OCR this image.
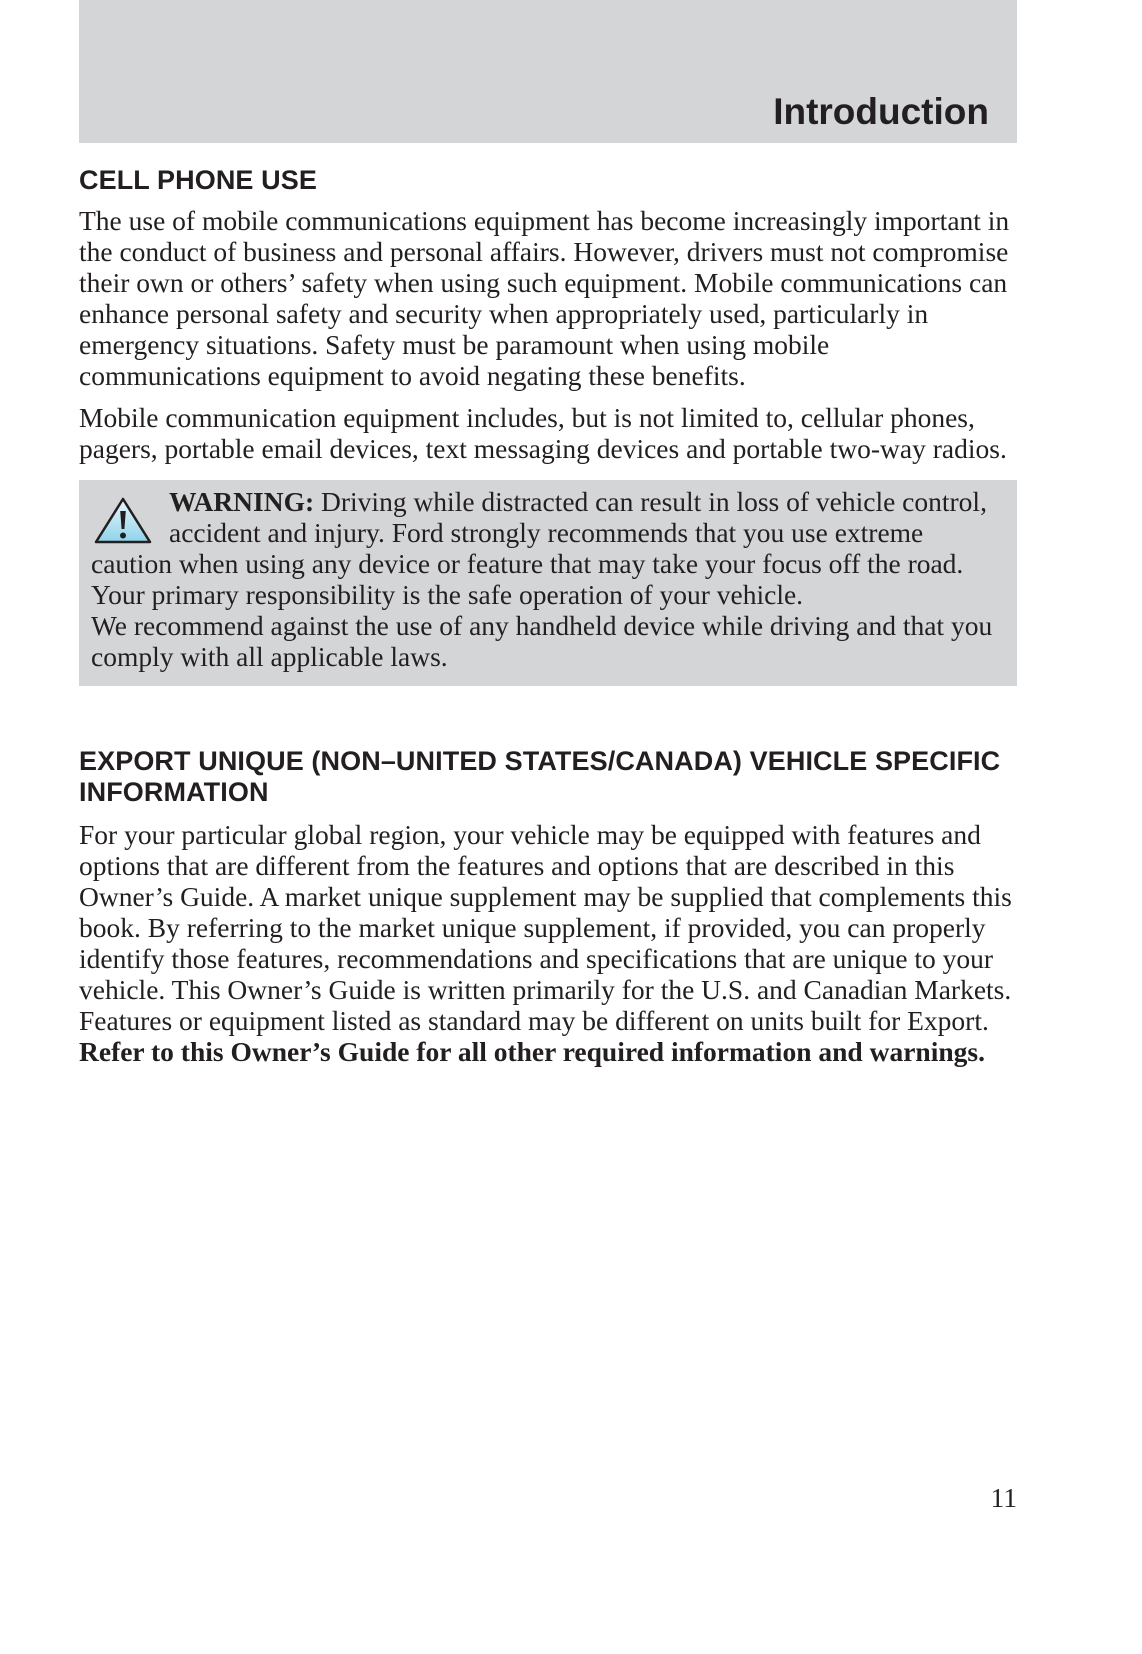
Introduction
CELL PHONE USE

The use of mobile communications equipment has become increasingly important in the conduct of business and personal affairs. However, drivers must not compromise their own or others’ safety when using such equipment. Mobile communications can enhance personal safety and security when appropriately used, particularly in emergency situations. Safety must be paramount when using mobile communications equipment to avoid negating these benefits.

Mobile communication equipment includes, but is not limited to, cellular phones, pagers, portable email devices, text messaging devices and portable two-way radios.

WARNING: Driving while distracted can result in loss of vehicle control, accident and injury. Ford strongly recommends that you use extreme caution when using any device or feature that may take your focus off the road. Your primary responsibility is the safe operation of your vehicle.

We recommend against the use of any handheld device while driving and that you comply with all applicable laws.

EXPORT UNIQUE (NON–UNITED STATES/CANADA) VEHICLE SPECIFIC INFORMATION

For your particular global region, your vehicle may be equipped with features and options that are different from the features and options that are described in this Owner’s Guide. A market unique supplement may be supplied that complements this book. By referring to the market unique supplement, if provided, you can properly identify those features, recommendations and specifications that are unique to your vehicle. This Owner’s Guide is written primarily for the U.S. and Canadian Markets. Features or equipment listed as standard may be different on units built for Export. Refer to this Owner’s Guide for all other required information and warnings.

11
